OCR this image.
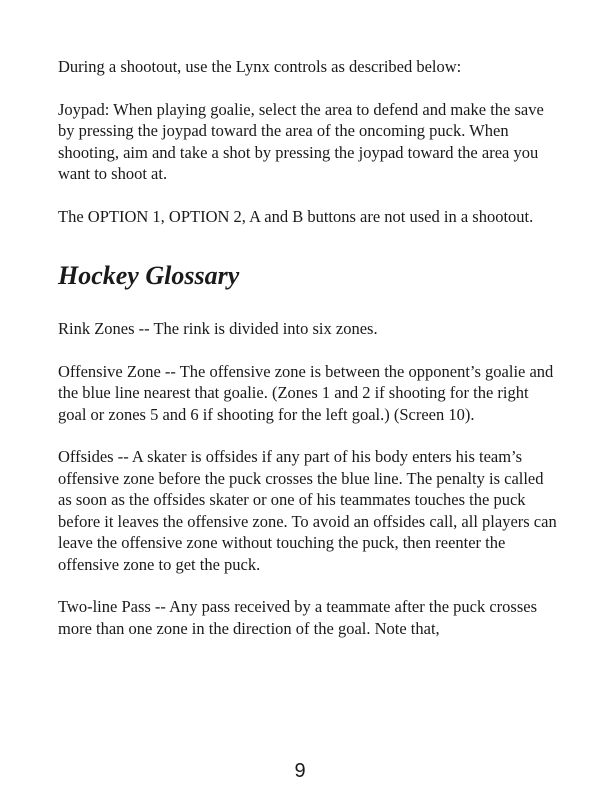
During a shootout, use the Lynx controls as described below:

Joypad: When playing goalie, select the area to defend and make the save by pressing the joypad toward the area of the oncoming puck. When shooting, aim and take a shot by pressing the joypad toward the area you want to shoot at.

The OPTION 1, OPTION 2, A and B buttons are not used in a shootout.

Hockey Glossary

Rink Zones -- The rink is divided into six zones.

Offensive Zone -- The offensive zone is between the opponent’s goalie and the blue line nearest that goalie. (Zones 1 and 2 if shooting for the right goal or zones 5 and 6 if shooting for the left goal.) (Screen 10).

Offsides -- A skater is offsides if any part of his body enters his team’s offensive zone before the puck crosses the blue line. The penalty is called as soon as the offsides skater or one of his teammates touches the puck before it leaves the offensive zone. To avoid an offsides call, all players can leave the offensive zone without touching the puck, then reenter the offensive zone to get the puck.

Two-line Pass -- Any pass received by a teammate after the puck crosses more than one zone in the direction of the goal. Note that,

9
